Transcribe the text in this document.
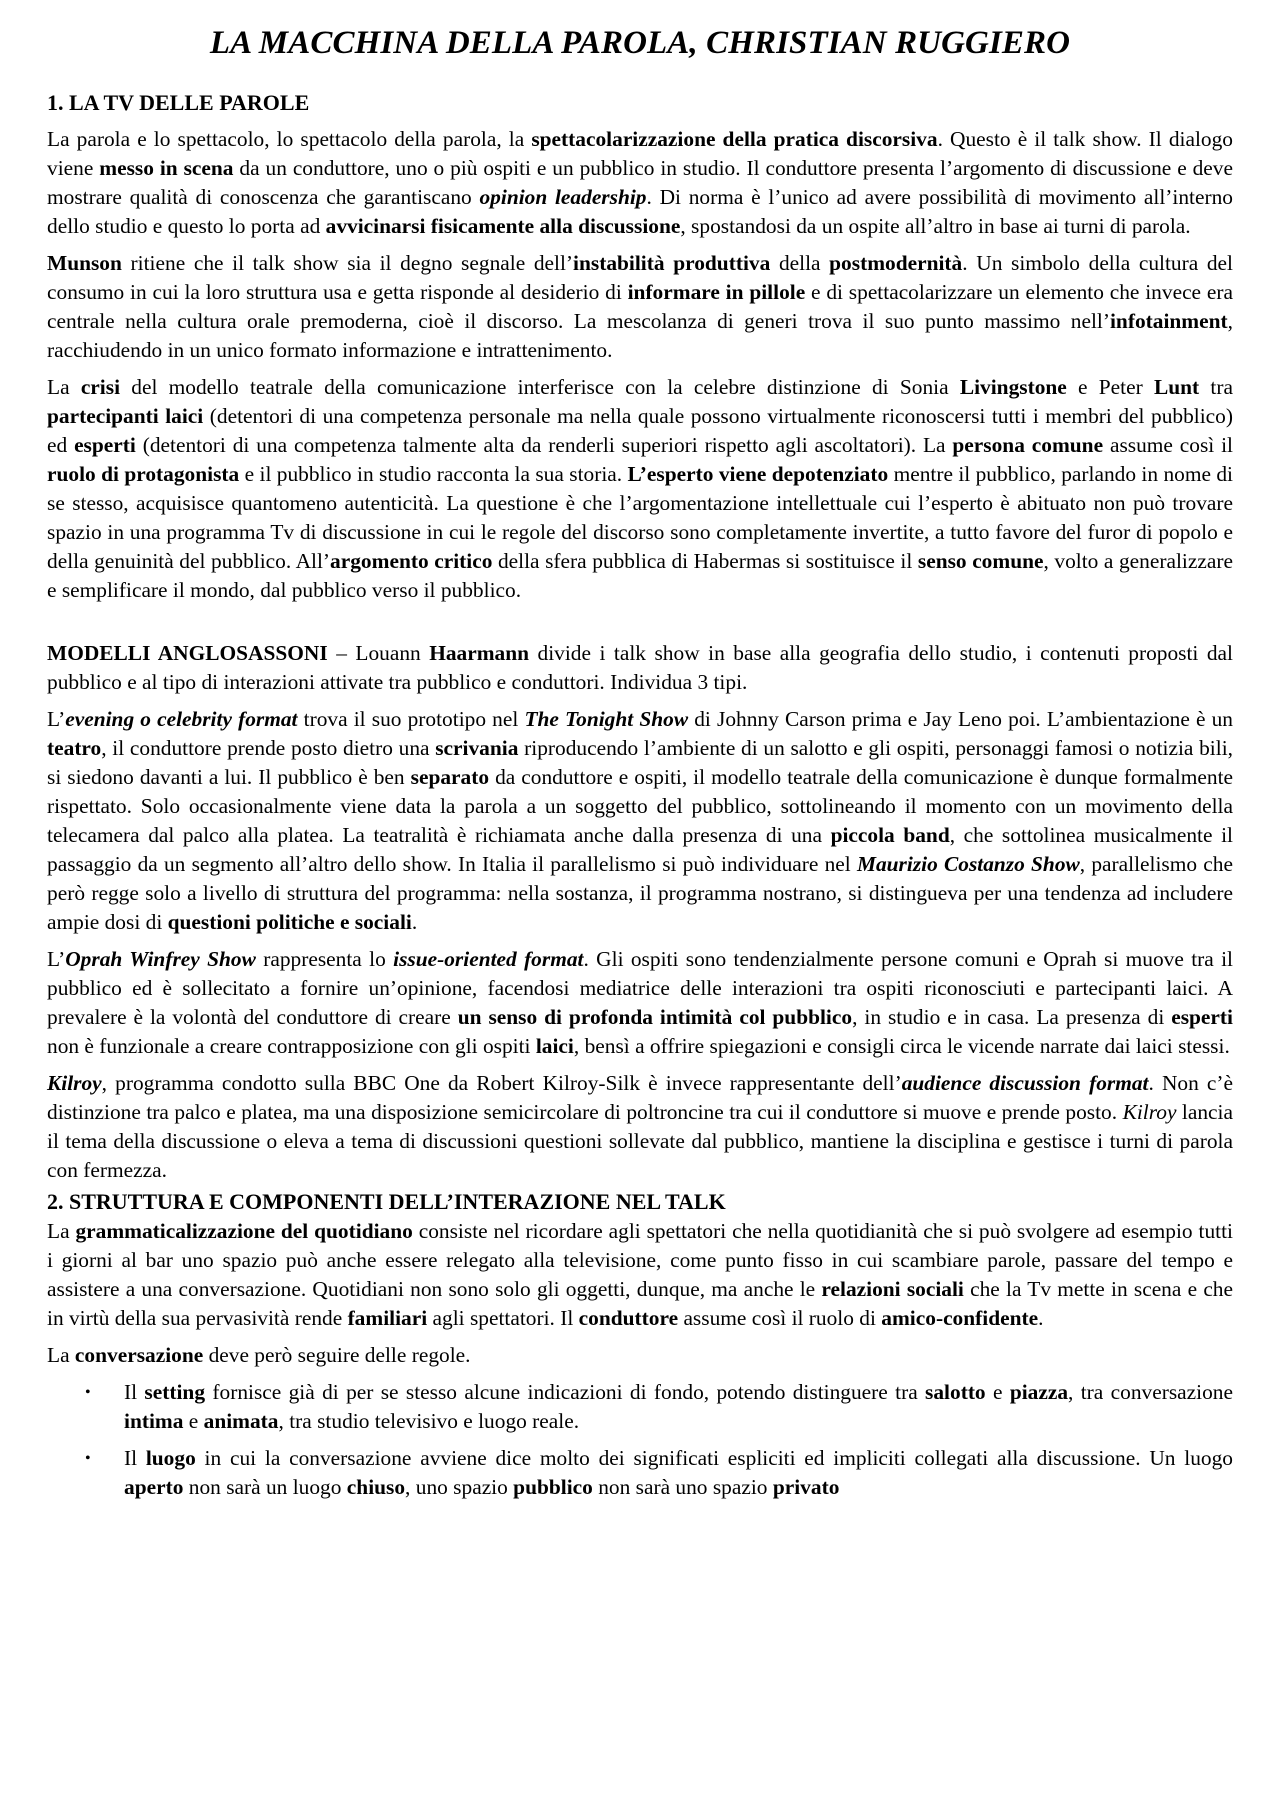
LA MACCHINA DELLA PAROLA, CHRISTIAN RUGGIERO
1. LA TV DELLE PAROLE

La parola e lo spettacolo, lo spettacolo della parola, la spettacolarizzazione della pratica discorsiva. Questo è il talk show. Il dialogo viene messo in scena da un conduttore, uno o più ospiti e un pubblico in studio. Il conduttore presenta l’argomento di discussione e deve mostrare qualità di conoscenza che garantiscano opinion leadership. Di norma è l’unico ad avere possibilità di movimento all’interno dello studio e questo lo porta ad avvicinarsi fisicamente alla discussione, spostandosi da un ospite all’altro in base ai turni di parola.

Munson ritiene che il talk show sia il degno segnale dell’instabilità produttiva della postmodernità. Un simbolo della cultura del consumo in cui la loro struttura usa e getta risponde al desiderio di informare in pillole e di spettacolarizzare un elemento che invece era centrale nella cultura orale premoderna, cioè il discorso. La mescolanza di generi trova il suo punto massimo nell’infotainment, racchiudendo in un unico formato informazione e intrattenimento.

La crisi del modello teatrale della comunicazione interferisce con la celebre distinzione di Sonia Livingstone e Peter Lunt tra partecipanti laici (detentori di una competenza personale ma nella quale possono virtualmente riconoscersi tutti i membri del pubblico) ed esperti (detentori di una competenza talmente alta da renderli superiori rispetto agli ascoltatori). La persona comune assume così il ruolo di protagonista e il pubblico in studio racconta la sua storia. L’esperto viene depotenziato mentre il pubblico, parlando in nome di se stesso, acquisisce quantomeno autenticità. La questione è che l’argomentazione intellettuale cui l’esperto è abituato non può trovare spazio in una programma Tv di discussione in cui le regole del discorso sono completamente invertite, a tutto favore del furor di popolo e della genuinità del pubblico. All’argomento critico della sfera pubblica di Habermas si sostituisce il senso comune, volto a generalizzare e semplificare il mondo, dal pubblico verso il pubblico.

MODELLI ANGLOSASSONI – Louann Haarmann divide i talk show in base alla geografia dello studio, i contenuti proposti dal pubblico e al tipo di interazioni attivate tra pubblico e conduttori. Individua 3 tipi.

L’evening o celebrity format trova il suo prototipo nel The Tonight Show di Johnny Carson prima e Jay Leno poi. L’ambientazione è un teatro, il conduttore prende posto dietro una scrivania riproducendo l’ambiente di un salotto e gli ospiti, personaggi famosi o notizia bili, si siedono davanti a lui. Il pubblico è ben separato da conduttore e ospiti, il modello teatrale della comunicazione è dunque formalmente rispettato. Solo occasionalmente viene data la parola a un soggetto del pubblico, sottolineando il momento con un movimento della telecamera dal palco alla platea. La teatralità è richiamata anche dalla presenza di una piccola band, che sottolinea musicalmente il passaggio da un segmento all’altro dello show. In Italia il parallelismo si può individuare nel Maurizio Costanzo Show, parallelismo che però regge solo a livello di struttura del programma: nella sostanza, il programma nostrano, si distingueva per una tendenza ad includere ampie dosi di questioni politiche e sociali.

L’Oprah Winfrey Show rappresenta lo issue-oriented format. Gli ospiti sono tendenzialmente persone comuni e Oprah si muove tra il pubblico ed è sollecitato a fornire un’opinione, facendosi mediatrice delle interazioni tra ospiti riconosciuti e partecipanti laici. A prevalere è la volontà del conduttore di creare un senso di profonda intimità col pubblico, in studio e in casa. La presenza di esperti non è funzionale a creare contrapposizione con gli ospiti laici, bensì a offrire spiegazioni e consigli circa le vicende narrate dai laici stessi.

Kilroy, programma condotto sulla BBC One da Robert Kilroy-Silk è invece rappresentante dell’audience discussion format. Non c’è distinzione tra palco e platea, ma una disposizione semicircolare di poltroncine tra cui il conduttore si muove e prende posto. Kilroy lancia il tema della discussione o eleva a tema di discussioni questioni sollevate dal pubblico, mantiene la disciplina e gestisce i turni di parola con fermezza.

2. STRUTTURA E COMPONENTI DELL’INTERAZIONE NEL TALK

La grammaticalizzazione del quotidiano consiste nel ricordare agli spettatori che nella quotidianità che si può svolgere ad esempio tutti i giorni al bar uno spazio può anche essere relegato alla televisione, come punto fisso in cui scambiare parole, passare del tempo e assistere a una conversazione. Quotidiani non sono solo gli oggetti, dunque, ma anche le relazioni sociali che la Tv mette in scena e che in virtù della sua pervasività rende familiari agli spettatori. Il conduttore assume così il ruolo di amico-confidente.

La conversazione deve però seguire delle regole.

• Il setting fornisce già di per se stesso alcune indicazioni di fondo, potendo distinguere tra salotto e piazza, tra conversazione intima e animata, tra studio televisivo e luogo reale.
• Il luogo in cui la conversazione avviene dice molto dei significati espliciti ed impliciti collegati alla discussione. Un luogo aperto non sarà un luogo chiuso, uno spazio pubblico non sarà uno spazio privato
